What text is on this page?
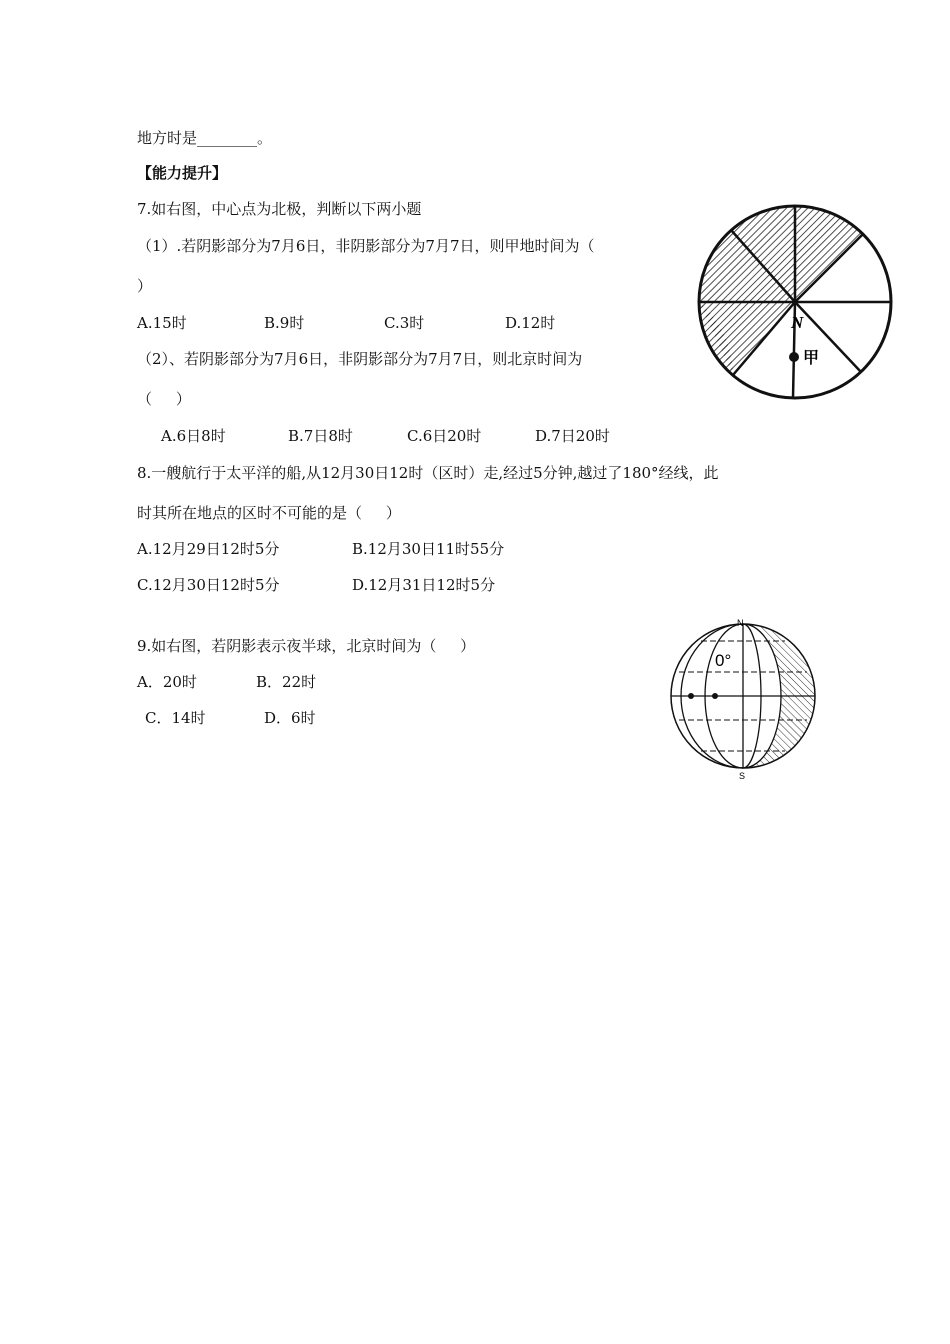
地方时是________。
【能力提升】
7.如右图，中心点为北极，判断以下两小题
（1）.若阴影部分为7月6日，非阴影部分为7月7日，则甲地时间为（
）
A.15时	B.9时	C.3时	D.12时
（2）、若阴影部分为7月6日，非阴影部分为7月7日，则北京时间为
（     ）
A.6日8时	B.7日8时	C.6日20时	D.7日20时
8.一艘航行于太平洋的船,从12月30日12时（区时）走,经过5分钟,越过了180°经线，此
时其所在地点的区时不可能的是（     ）
A.12月29日12时5分	B.12月30日11时55分
C.12月30日12时5分	D.12月31日12时5分
9.如右图，若阴影表示夜半球，北京时间为（     ）
A．20时	B．22时
C．14时	D．6时
N
甲
N
S
0°
